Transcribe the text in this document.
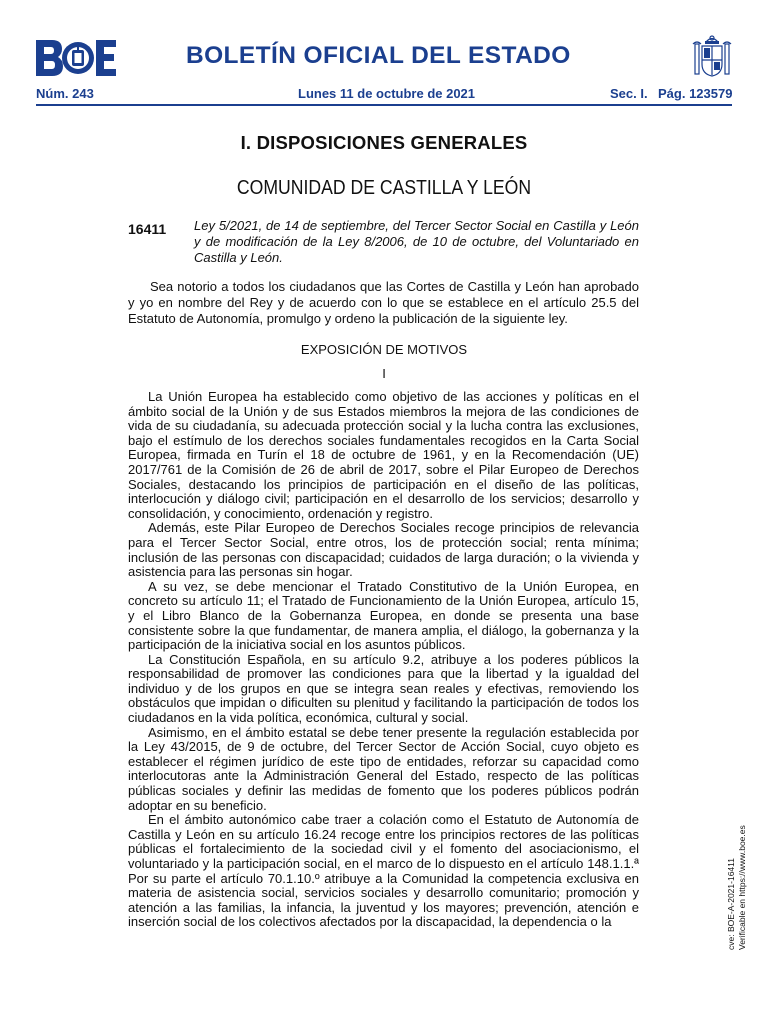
BOLETÍN OFICIAL DEL ESTADO
Núm. 243	Lunes 11 de octubre de 2021	Sec. I. Pág. 123579
I. DISPOSICIONES GENERALES
COMUNIDAD DE CASTILLA Y LEÓN
16411 Ley 5/2021, de 14 de septiembre, del Tercer Sector Social en Castilla y León y de modificación de la Ley 8/2006, de 10 de octubre, del Voluntariado en Castilla y León.
Sea notorio a todos los ciudadanos que las Cortes de Castilla y León han aprobado y yo en nombre del Rey y de acuerdo con lo que se establece en el artículo 25.5 del Estatuto de Autonomía, promulgo y ordeno la publicación de la siguiente ley.
EXPOSICIÓN DE MOTIVOS
I

La Unión Europea ha establecido como objetivo de las acciones y políticas en el ámbito social de la Unión y de sus Estados miembros la mejora de las condiciones de vida de su ciudadanía, su adecuada protección social y la lucha contra las exclusiones, bajo el estímulo de los derechos sociales fundamentales recogidos en la Carta Social Europea, firmada en Turín el 18 de octubre de 1961, y en la Recomendación (UE) 2017/761 de la Comisión de 26 de abril de 2017, sobre el Pilar Europeo de Derechos Sociales, destacando los principios de participación en el diseño de las políticas, interlocución y diálogo civil; participación en el desarrollo de los servicios; desarrollo y consolidación, y conocimiento, ordenación y registro.

Además, este Pilar Europeo de Derechos Sociales recoge principios de relevancia para el Tercer Sector Social, entre otros, los de protección social; renta mínima; inclusión de las personas con discapacidad; cuidados de larga duración; o la vivienda y asistencia para las personas sin hogar.

A su vez, se debe mencionar el Tratado Constitutivo de la Unión Europea, en concreto su artículo 11; el Tratado de Funcionamiento de la Unión Europea, artículo 15, y el Libro Blanco de la Gobernanza Europea, en donde se presenta una base consistente sobre la que fundamentar, de manera amplia, el diálogo, la gobernanza y la participación de la iniciativa social en los asuntos públicos.

La Constitución Española, en su artículo 9.2, atribuye a los poderes públicos la responsabilidad de promover las condiciones para que la libertad y la igualdad del individuo y de los grupos en que se integra sean reales y efectivas, removiendo los obstáculos que impidan o dificulten su plenitud y facilitando la participación de todos los ciudadanos en la vida política, económica, cultural y social.

Asimismo, en el ámbito estatal se debe tener presente la regulación establecida por la Ley 43/2015, de 9 de octubre, del Tercer Sector de Acción Social, cuyo objeto es establecer el régimen jurídico de este tipo de entidades, reforzar su capacidad como interlocutoras ante la Administración General del Estado, respecto de las políticas públicas sociales y definir las medidas de fomento que los poderes públicos podrán adoptar en su beneficio.

En el ámbito autonómico cabe traer a colación como el Estatuto de Autonomía de Castilla y León en su artículo 16.24 recoge entre los principios rectores de las políticas públicas el fortalecimiento de la sociedad civil y el fomento del asociacionismo, el voluntariado y la participación social, en el marco de lo dispuesto en el artículo 148.1.1.ª Por su parte el artículo 70.1.10.º atribuye a la Comunidad la competencia exclusiva en materia de asistencia social, servicios sociales y desarrollo comunitario; promoción y atención a las familias, la infancia, la juventud y los mayores; prevención, atención e inserción social de los colectivos afectados por la discapacidad, la dependencia o la	cve: BOE-A-2021-16411 Verificable en https://www.boe.es
